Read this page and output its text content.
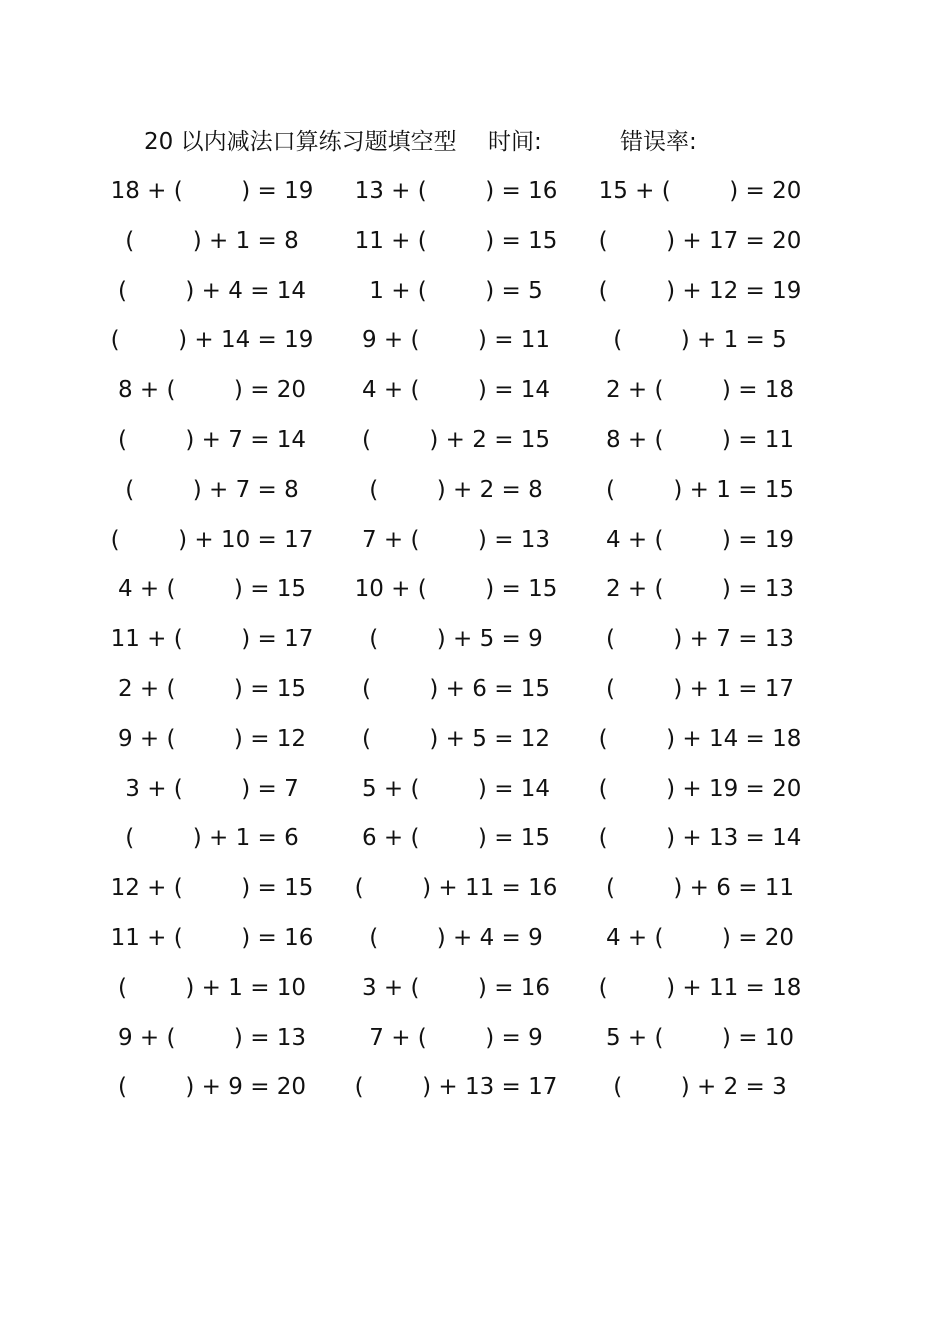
20 以内减法口算练习题填空型 时间:	错误率:
18 + (        ) = 19
(        ) + 1 = 8
(        ) + 4 = 14
(        ) + 14 = 19
8 + (        ) = 20
(        ) + 7 = 14
(        ) + 7 = 8
(        ) + 10 = 17
4 + (        ) = 15
11 + (        ) = 17
2 + (        ) = 15
9 + (        ) = 12
3 + (        ) = 7
(        ) + 1 = 6
12 + (        ) = 15
11 + (        ) = 16
(        ) + 1 = 10
9 + (        ) = 13
(        ) + 9 = 20
13 + (        ) = 16
11 + (        ) = 15
1 + (        ) = 5
9 + (        ) = 11
4 + (        ) = 14
(        ) + 2 = 15
(        ) + 2 = 8
7 + (        ) = 13
10 + (        ) = 15
(        ) + 5 = 9
(        ) + 6 = 15
(        ) + 5 = 12
5 + (        ) = 14
6 + (        ) = 15
(        ) + 11 = 16
(        ) + 4 = 9
3 + (        ) = 16
7 + (        ) = 9
(        ) + 13 = 17
15 + (        ) = 20
(        ) + 17 = 20
(        ) + 12 = 19
(        ) + 1 = 5
2 + (        ) = 18
8 + (        ) = 11
(        ) + 1 = 15
4 + (        ) = 19
2 + (        ) = 13
(        ) + 7 = 13
(        ) + 1 = 17
(        ) + 14 = 18
(        ) + 19 = 20
(        ) + 13 = 14
(        ) + 6 = 11
4 + (        ) = 20
(        ) + 11 = 18
5 + (        ) = 10
(        ) + 2 = 3
